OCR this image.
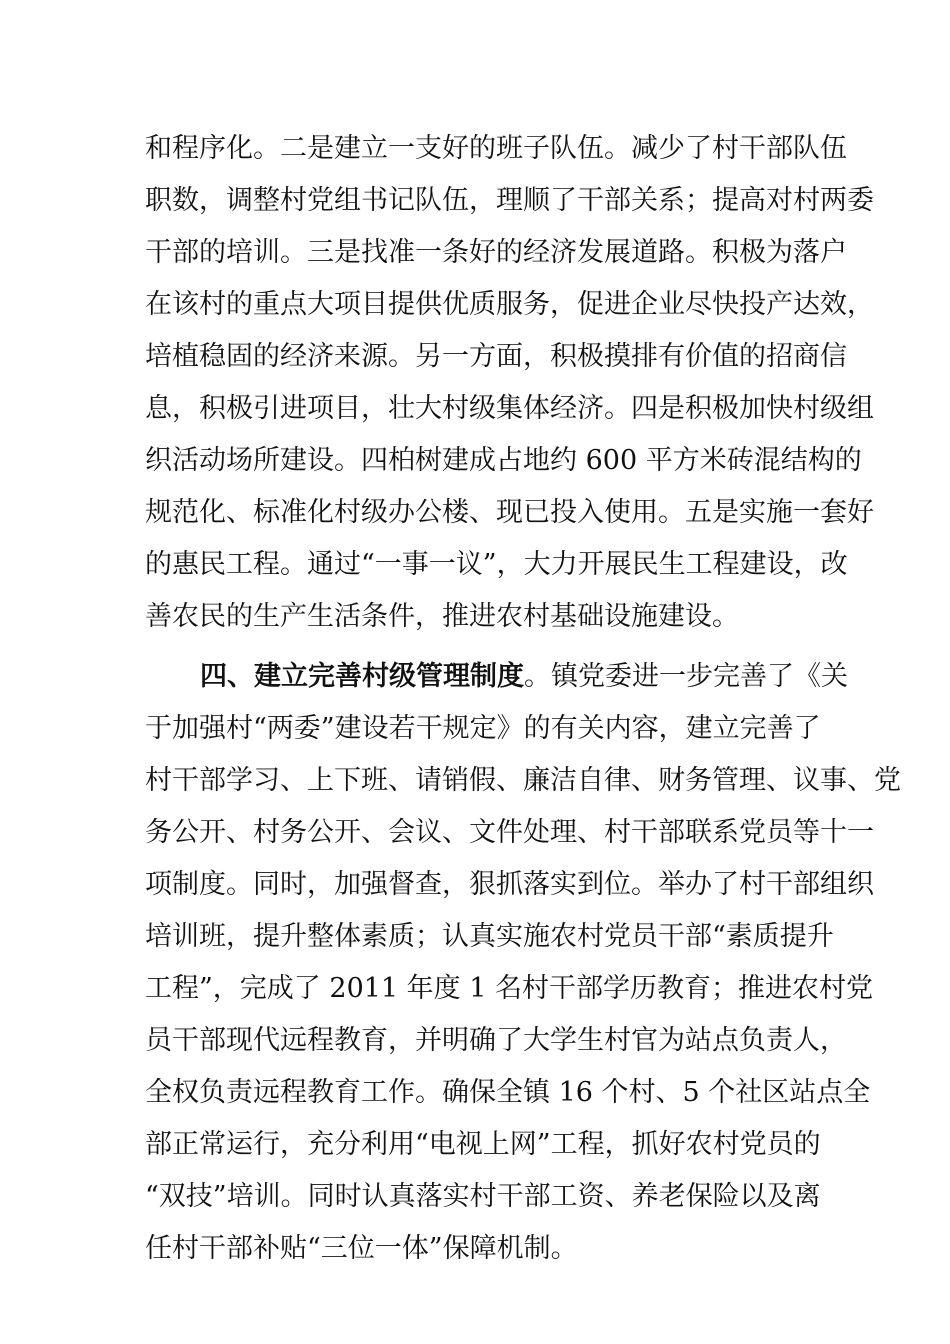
和程序化。二是建立一支好的班子队伍。减少了村干部队伍
职数，调整村党组书记队伍，理顺了干部关系；提高对村两委
干部的培训。三是找准一条好的经济发展道路。积极为落户
在该村的重点大项目提供优质服务，促进企业尽快投产达效，
培植稳固的经济来源。另一方面，积极摸排有价值的招商信
息，积极引进项目，壮大村级集体经济。四是积极加快村级组
织活动场所建设。四柏树建成占地约 600 平方米砖混结构的
规范化、标准化村级办公楼、现已投入使用。五是实施一套好
的惠民工程。通过“一事一议”，大力开展民生工程建设，改
善农民的生产生活条件，推进农村基础设施建设。
四、建立完善村级管理制度。镇党委进一步完善了《关
于加强村“两委”建设若干规定》的有关内容，建立完善了
村干部学习、上下班、请销假、廉洁自律、财务管理、议事、党
务公开、村务公开、会议、文件处理、村干部联系党员等十一
项制度。同时，加强督查，狠抓落实到位。举办了村干部组织
培训班，提升整体素质；认真实施农村党员干部“素质提升
工程”，完成了 2011 年度 1 名村干部学历教育；推进农村党
员干部现代远程教育，并明确了大学生村官为站点负责人，
全权负责远程教育工作。确保全镇 16 个村、5 个社区站点全
部正常运行，充分利用“电视上网”工程，抓好农村党员的
“双技”培训。同时认真落实村干部工资、养老保险以及离
任村干部补贴“三位一体”保障机制。
